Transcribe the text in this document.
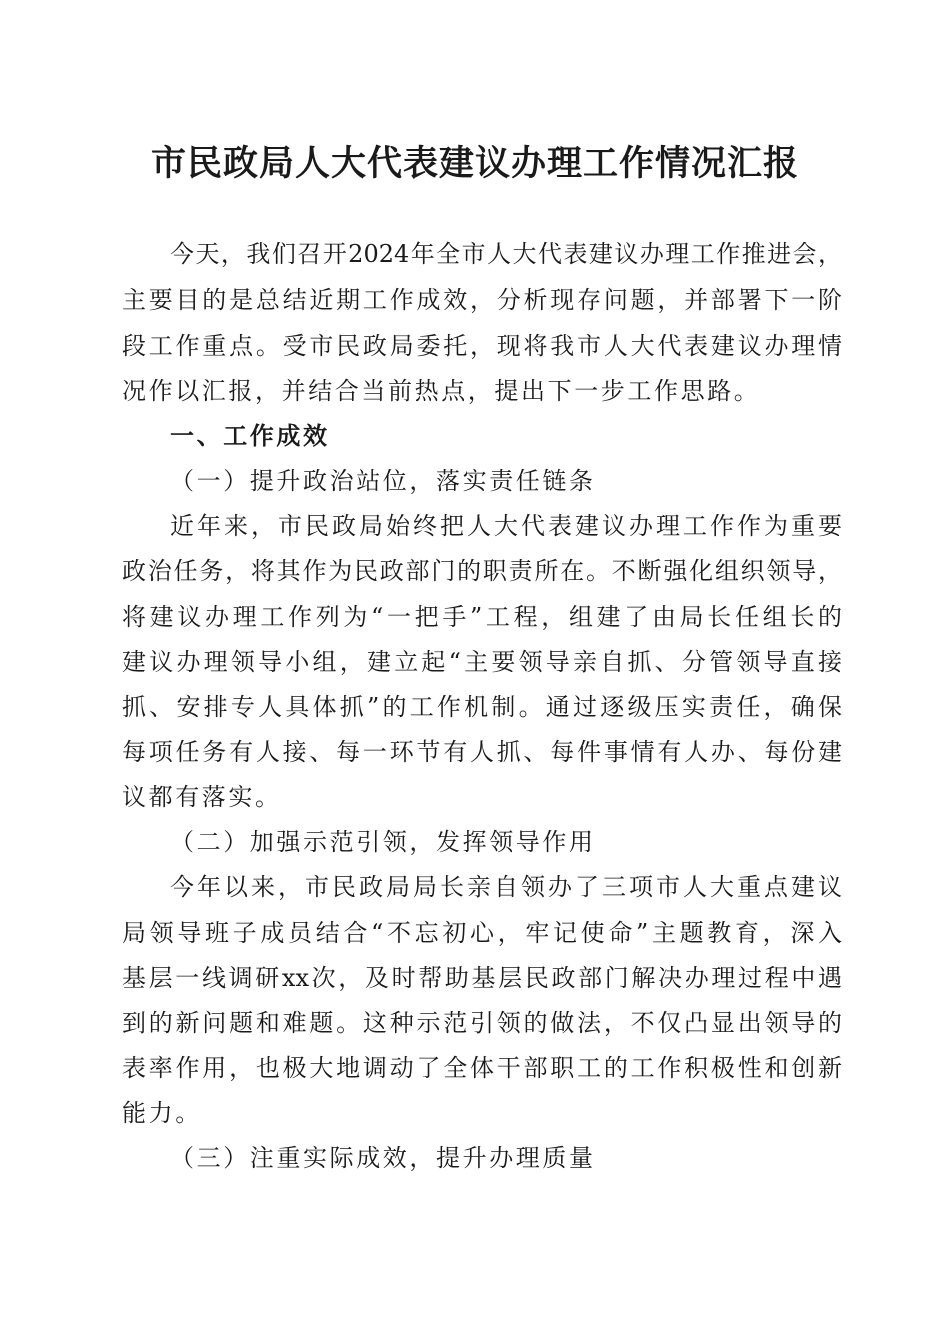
市民政局人大代表建议办理工作情况汇报
今天，我们召开2024年全市人大代表建议办理工作推进会，
主要目的是总结近期工作成效，分析现存问题，并部署下一阶
段工作重点。受市民政局委托，现将我市人大代表建议办理情
况作以汇报，并结合当前热点，提出下一步工作思路。
一、工作成效
（一）提升政治站位，落实责任链条
近年来，市民政局始终把人大代表建议办理工作作为重要
政治任务，将其作为民政部门的职责所在。不断强化组织领导，
将建议办理工作列为“一把手”工程，组建了由局长任组长的
建议办理领导小组，建立起“主要领导亲自抓、分管领导直接
抓、安排专人具体抓”的工作机制。通过逐级压实责任，确保
每项任务有人接、每一环节有人抓、每件事情有人办、每份建
议都有落实。
（二）加强示范引领，发挥领导作用
今年以来，市民政局局长亲自领办了三项市人大重点建议
局领导班子成员结合“不忘初心，牢记使命”主题教育，深入
基层一线调研xx次，及时帮助基层民政部门解决办理过程中遇
到的新问题和难题。这种示范引领的做法，不仅凸显出领导的
表率作用，也极大地调动了全体干部职工的工作积极性和创新
能力。
（三）注重实际成效，提升办理质量
